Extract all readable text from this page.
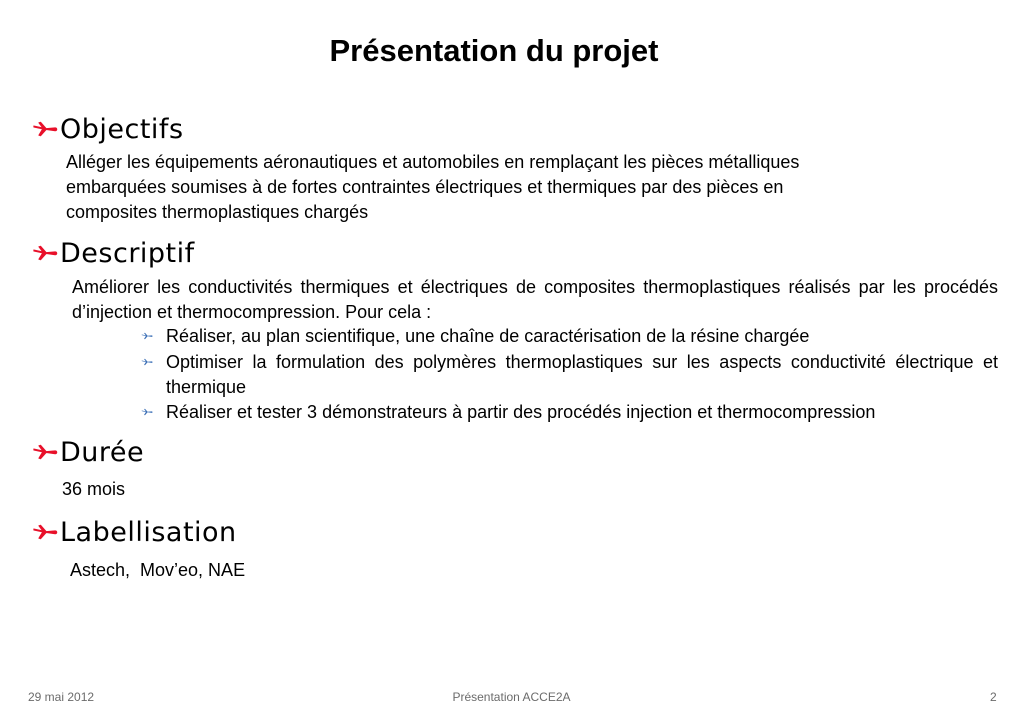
Présentation du projet
Objectifs
Alléger les équipements aéronautiques et automobiles en remplaçant les pièces métalliques
embarquées soumises à de fortes contraintes électriques et thermiques par des pièces en
composites thermoplastiques chargés
Descriptif
Améliorer les conductivités thermiques et électriques de composites thermoplastiques réalisés par les procédés d’injection et thermocompression. Pour cela :
Réaliser, au plan scientifique, une chaîne de caractérisation de la résine chargée
Optimiser la formulation des polymères thermoplastiques sur les aspects conductivité électrique et thermique
Réaliser et tester 3 démonstrateurs à partir des procédés injection et thermocompression
Durée
36 mois
Labellisation
Astech,  Mov’eo, NAE
29 mai 2012	Présentation ACCE2A	2
